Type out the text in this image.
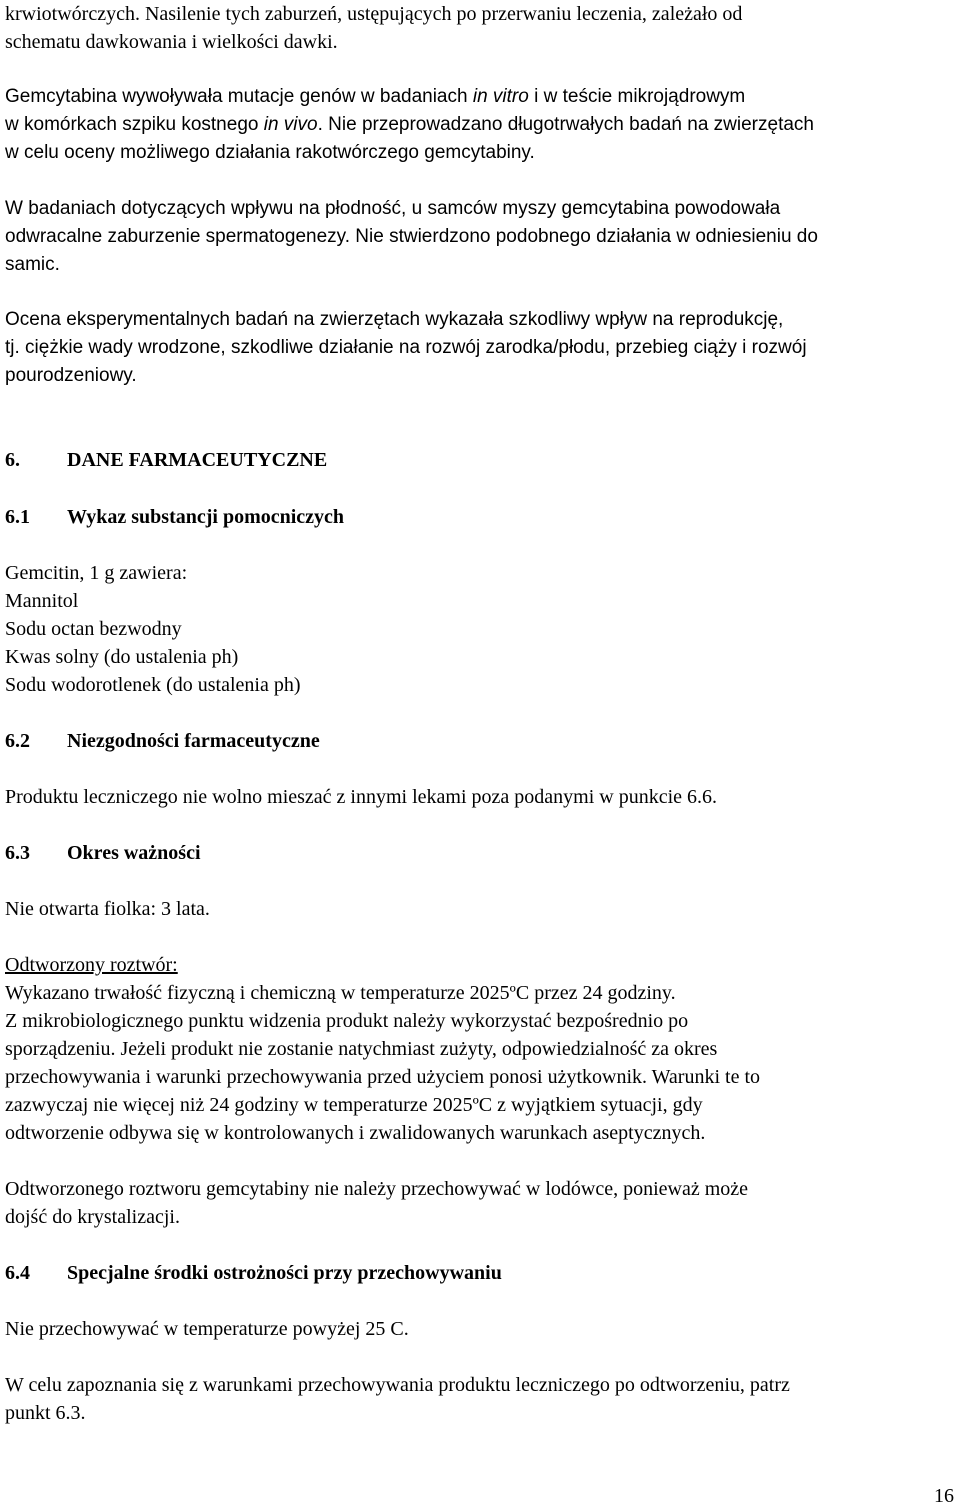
krwiotwórczych. Nasilenie tych zaburzeń, ustępujących po przerwaniu leczenia, zależało od
schematu dawkowania i wielkości dawki.
Gemcytabina wywoływała mutacje genów w badaniach in vitro i w teście mikrojądrowym
w komórkach szpiku kostnego in vivo. Nie przeprowadzano długotrwałych badań na zwierzętach
w celu oceny możliwego działania rakotwórczego gemcytabiny.
W badaniach dotyczących wpływu na płodność, u samców myszy gemcytabina powodowała
odwracalne zaburzenie spermatogenezy. Nie stwierdzono podobnego działania w odniesieniu do
samic.
Ocena eksperymentalnych badań na zwierzętach wykazała szkodliwy wpływ na reprodukcję,
tj. ciężkie wady wrodzone, szkodliwe działanie na rozwój zarodka/płodu, przebieg ciąży i rozwój
pourodzeniowy.
6. DANE FARMACEUTYCZNE
6.1 Wykaz substancji pomocniczych
Gemcitin, 1 g zawiera:
Mannitol
Sodu octan bezwodny
Kwas solny (do ustalenia ph)
Sodu wodorotlenek (do ustalenia ph)
6.2 Niezgodności farmaceutyczne
Produktu leczniczego nie wolno mieszać z innymi lekami poza podanymi w punkcie 6.6.
6.3 Okres ważności
Nie otwarta fiolka: 3 lata.
Odtworzony roztwór:
Wykazano trwałość fizyczną i chemiczną w temperaturze 2025ºC przez 24 godziny.
Z mikrobiologicznego punktu widzenia produkt należy wykorzystać bezpośrednio po
sporządzeniu. Jeżeli produkt nie zostanie natychmiast zużyty, odpowiedzialność za okres
przechowywania i warunki przechowywania przed użyciem ponosi użytkownik. Warunki te to
zazwyczaj nie więcej niż 24 godziny w temperaturze 2025ºC z wyjątkiem sytuacji, gdy
odtworzenie odbywa się w kontrolowanych i zwalidowanych warunkach aseptycznych.
Odtworzonego roztworu gemcytabiny nie należy przechowywać w lodówce, ponieważ może
dojść do krystalizacji.
6.4 Specjalne środki ostrożności przy przechowywaniu
Nie przechowywać w temperaturze powyżej 25 C.
W celu zapoznania się z warunkami przechowywania produktu leczniczego po odtworzeniu, patrz
punkt 6.3.
16
